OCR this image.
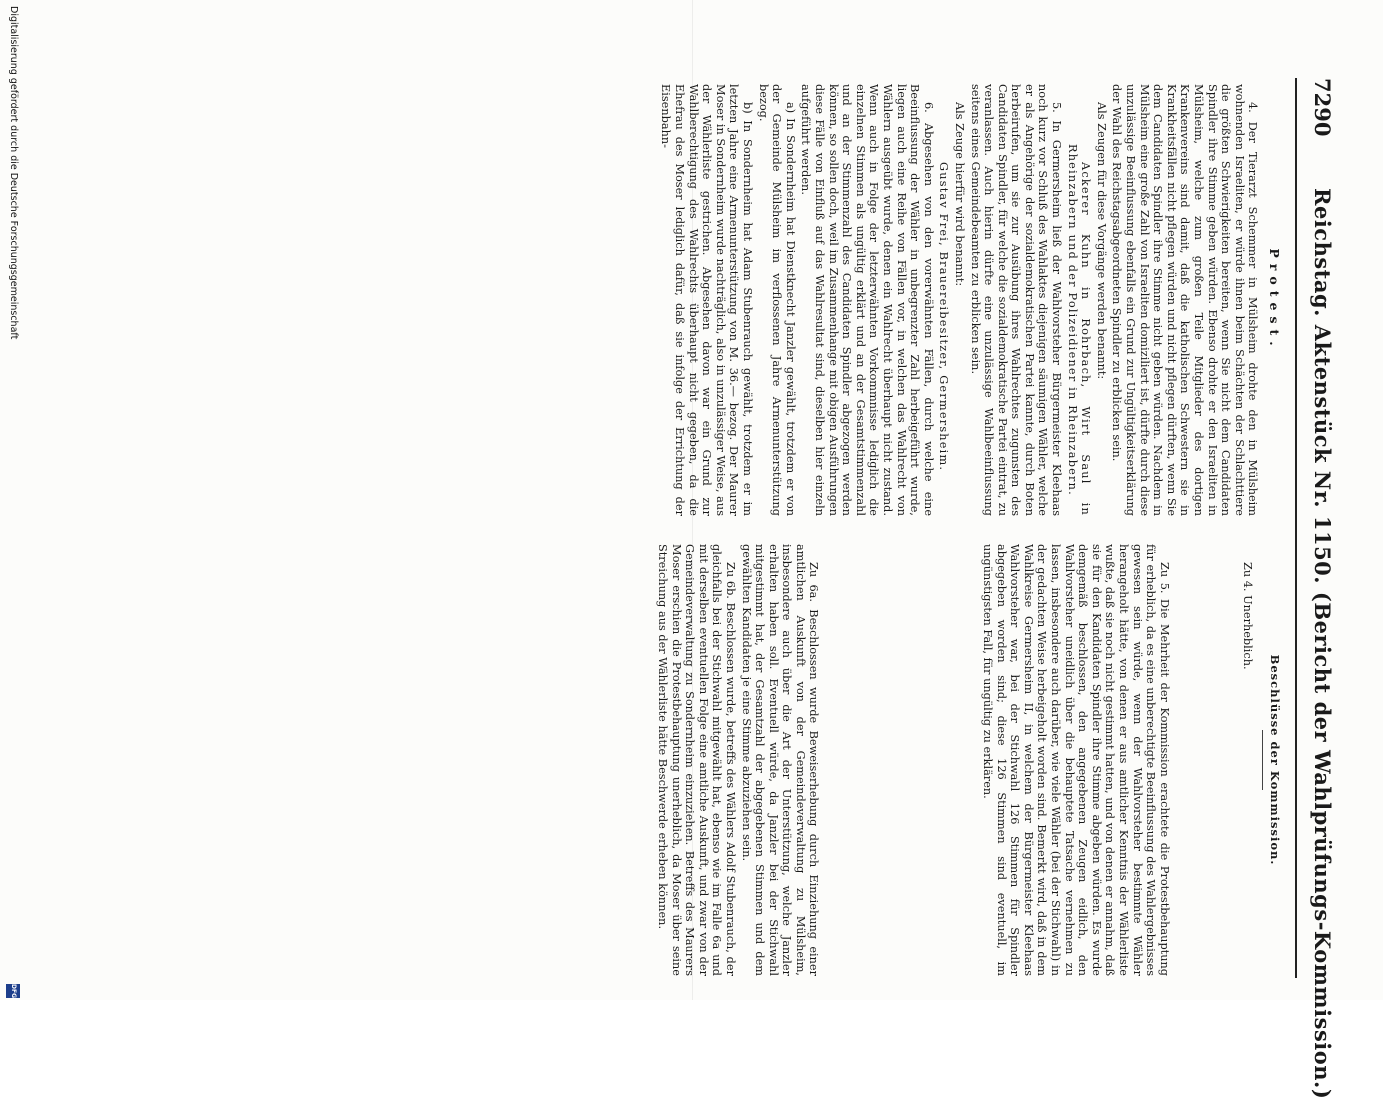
7290
Reichstag. Aktenstück Nr. 1150. (Bericht der Wahlprüfungs-Kommission.)
Protest.

4. Der Tierarzt Schemmer in Mülsheim drohte den in Mülsheim wohnenden Israeliten, er würde ihnen beim Schächten der Schlachttiere die größten Schwierigkeiten bereiten, wenn Sie nicht dem Candidaten Spindler ihre Stimme geben würden. Ebenso drohte er den Israeliten in Mülsheim, welche zum großen Teile Mitglieder des dortigen Krankenvereins sind damit, daß die katholischen Schwestern sie in Krankheitsfällen nicht pflegen würden und nicht pflegen dürften, wenn Sie dem Candidaten Spindler ihre Stimme nicht geben würden. Nachdem in Mülsheim eine große Zahl von Israeliten domiziliert ist, dürfte durch diese unzulässige Beeinflussung ebenfalls ein Grund zur Ungültigkeitserklärung der Wahl des Reichstagsabgeordneten Spindler zu erblicken sein.

Als Zeugen für diese Vorgänge werden benannt:

Ackerer Kuhn in Rohrbach, Wirt Saul in Rheinzabern und der Polizeidiener in Rheinzabern.

5. In Germersheim ließ der Wahlvorsteher Bürgermeister Kleehaas noch kurz vor Schluß des Wahlaktes diejenigen säumigen Wähler, welche er als Angehörige der sozialdemokratischen Partei kannte, durch Boten herbeirufen, um sie zur Ausübung ihres Wahlrechtes zugunsten des Candidaten Spindler, für welche die sozialdemokratische Partei eintrat, zu veranlassen. Auch hierin dürfte eine unzulässige Wahlbeeinflussung seitens eines Gemeindebeamten zu erblicken sein.

Als Zeuge hierfür wird benannt:

Gustav Frei, Brauereibesitzer, Germersheim.

6. Abgesehen von den vorerwähnten Fällen, durch welche eine Beeinflussung der Wähler in unbegrenzter Zahl herbeigeführt wurde, liegen auch eine Reihe von Fällen vor, in welchen das Wahlrecht von Wählern ausgeübt wurde, denen ein Wahlrecht überhaupt nicht zustand. Wenn auch in Folge der letzterwähnten Vorkommnisse lediglich die einzelnen Stimmen als ungültig erklärt und an der Gesamtstimmenzahl und an der Stimmenzahl des Candidaten Spindler abgezogen werden können, so sollen doch, weil im Zusammenhange mit obigen Ausführungen diese Fälle von Einfluß auf das Wahlresultat sind, dieselben hier einzeln aufgeführt werden.

a) In Sondernheim hat Dienstknecht Janzler gewählt, trotzdem er von der Gemeinde Mülsheim im verflossenen Jahre Armenunterstützung bezog.

b) In Sondernheim hat Adam Stubenrauch gewählt, trotzdem er im letzten Jahre eine Armenunterstützung von M. 36.— bezog. Der Maurer Moser in Sondernheim wurde nachträglich, also in unzulässiger Weise, aus der Wählerliste gestrichen. Abgesehen davon war ein Grund zur Wahlberechtigung des Wahlrechts überhaupt nicht gegeben, da die Ehefrau des Moser lediglich dafür, daß sie infolge der Errichtung der Eisenbahn-

Beschlüsse der Kommission.

Zu 4. Unerheblich.

Zu 5. Die Mehrheit der Kommission erachtete die Protestbehauptung für erheblich, da es eine unberechtigte Beeinflussung des Wahlergebnisses gewesen sein würde, wenn der Wahlvorsteher bestimmte Wähler herangeholt hätte, von denen er aus amtlicher Kenntnis der Wählerliste wußte, daß sie noch nicht gestimmt hatten, und von denen er annahm, daß sie für den Kandidaten Spindler ihre Stimme abgeben würden. Es wurde demgemäß beschlossen, den angegebenen Zeugen eidlich, den Wahlvorsteher uneidlich über die behauptete Tatsache vernehmen zu lassen, insbesondere auch darüber, wie viele Wähler (bei der Stichwahl) in der gedachten Weise herbeigeholt worden sind. Bemerkt wird, daß in dem Wahlkreise Germersheim II, in welchem der Bürgermeister Kleehaas Wahlvorsteher war, bei der Stichwahl 126 Stimmen für Spindler abgegeben worden sind; diese 126 Stimmen sind eventuell, im ungünstigsten Fall, für ungültig zu erklären.

Zu 6a. Beschlossen wurde Beweiserhebung durch Einziehung einer amtlichen Auskunft von der Gemeindeverwaltung zu Mülsheim, insbesondere auch über die Art der Unterstützung, welche Janzler erhalten haben soll. Eventuell würde, da Janzler bei der Stichwahl mitgestimmt hat, der Gesamtzahl der abgegebenen Stimmen und dem gewählten Kandidaten je eine Stimme abzuziehen sein.

Zu 6b. Beschlossen wurde, betreffs des Wählers Adolf Stubenrauch, der gleichfalls bei der Stichwahl mitgewählt hat, ebenso wie im Falle 6a und mit derselben eventuellen Folge eine amtliche Auskunft, und zwar von der Gemeindeverwaltung zu Sondernheim einzuziehen. Betreffs des Maurers Moser erschien die Protestbehauptung unerheblich, da Moser über seine Streichung aus der Wählerliste hätte Beschwerde erheben können.

Digitalisierung gefördert durch die Deutsche Forschungsgemeinschaft
DFG
